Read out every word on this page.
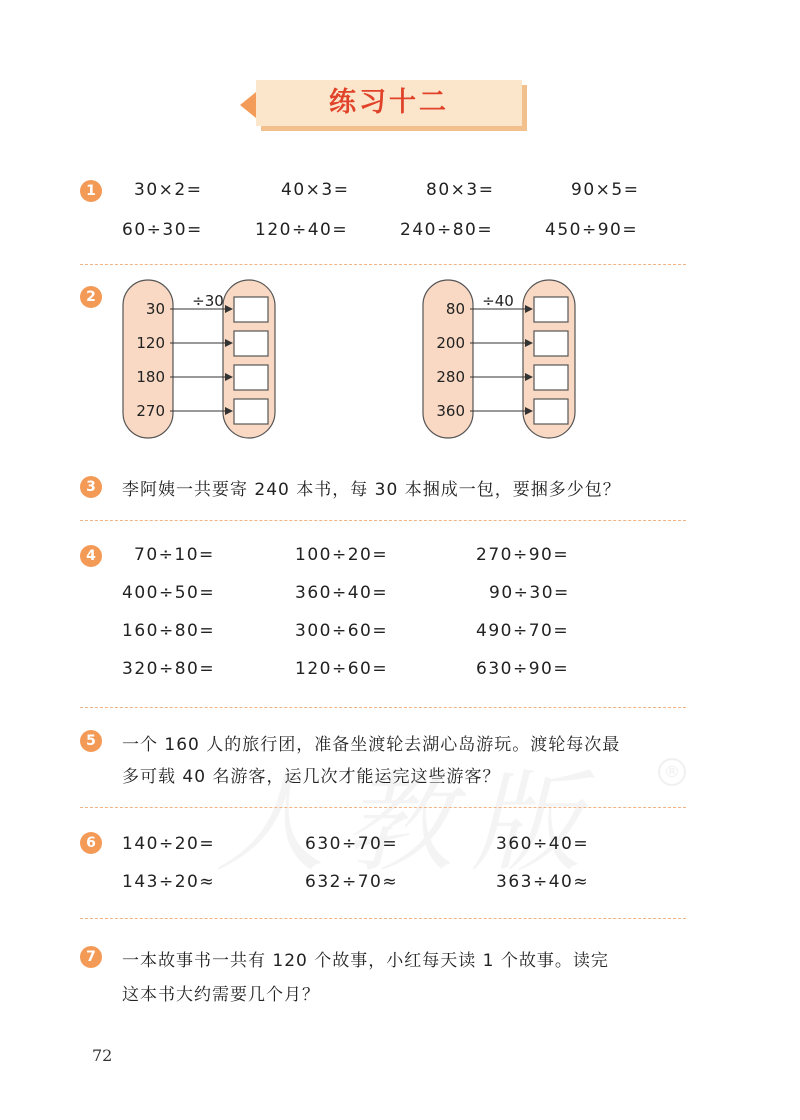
®
练习十二
1	30×2=	40×3=	80×3=	90×5=
60÷30=	120÷40=	240÷80=	450÷90=
2	÷30
30
120
180
270
÷40
80
200
280
360
3	李阿姨一共要寄 240 本书，每 30 本捆成一包，要捆多少包？
4	70÷10=	100÷20=	270÷90=
400÷50=	360÷40=	90÷30=
160÷80=	300÷60=	490÷70=
320÷80=	120÷60=	630÷90=
5	一个 160 人的旅行团，准备坐渡轮去湖心岛游玩。渡轮每次最
多可载 40 名游客，运几次才能运完这些游客？
6	140÷20=	630÷70=	360÷40=
143÷20≈	632÷70≈	363÷40≈
7	一本故事书一共有 120 个故事，小红每天读 1 个故事。读完
这本书大约需要几个月？
72
